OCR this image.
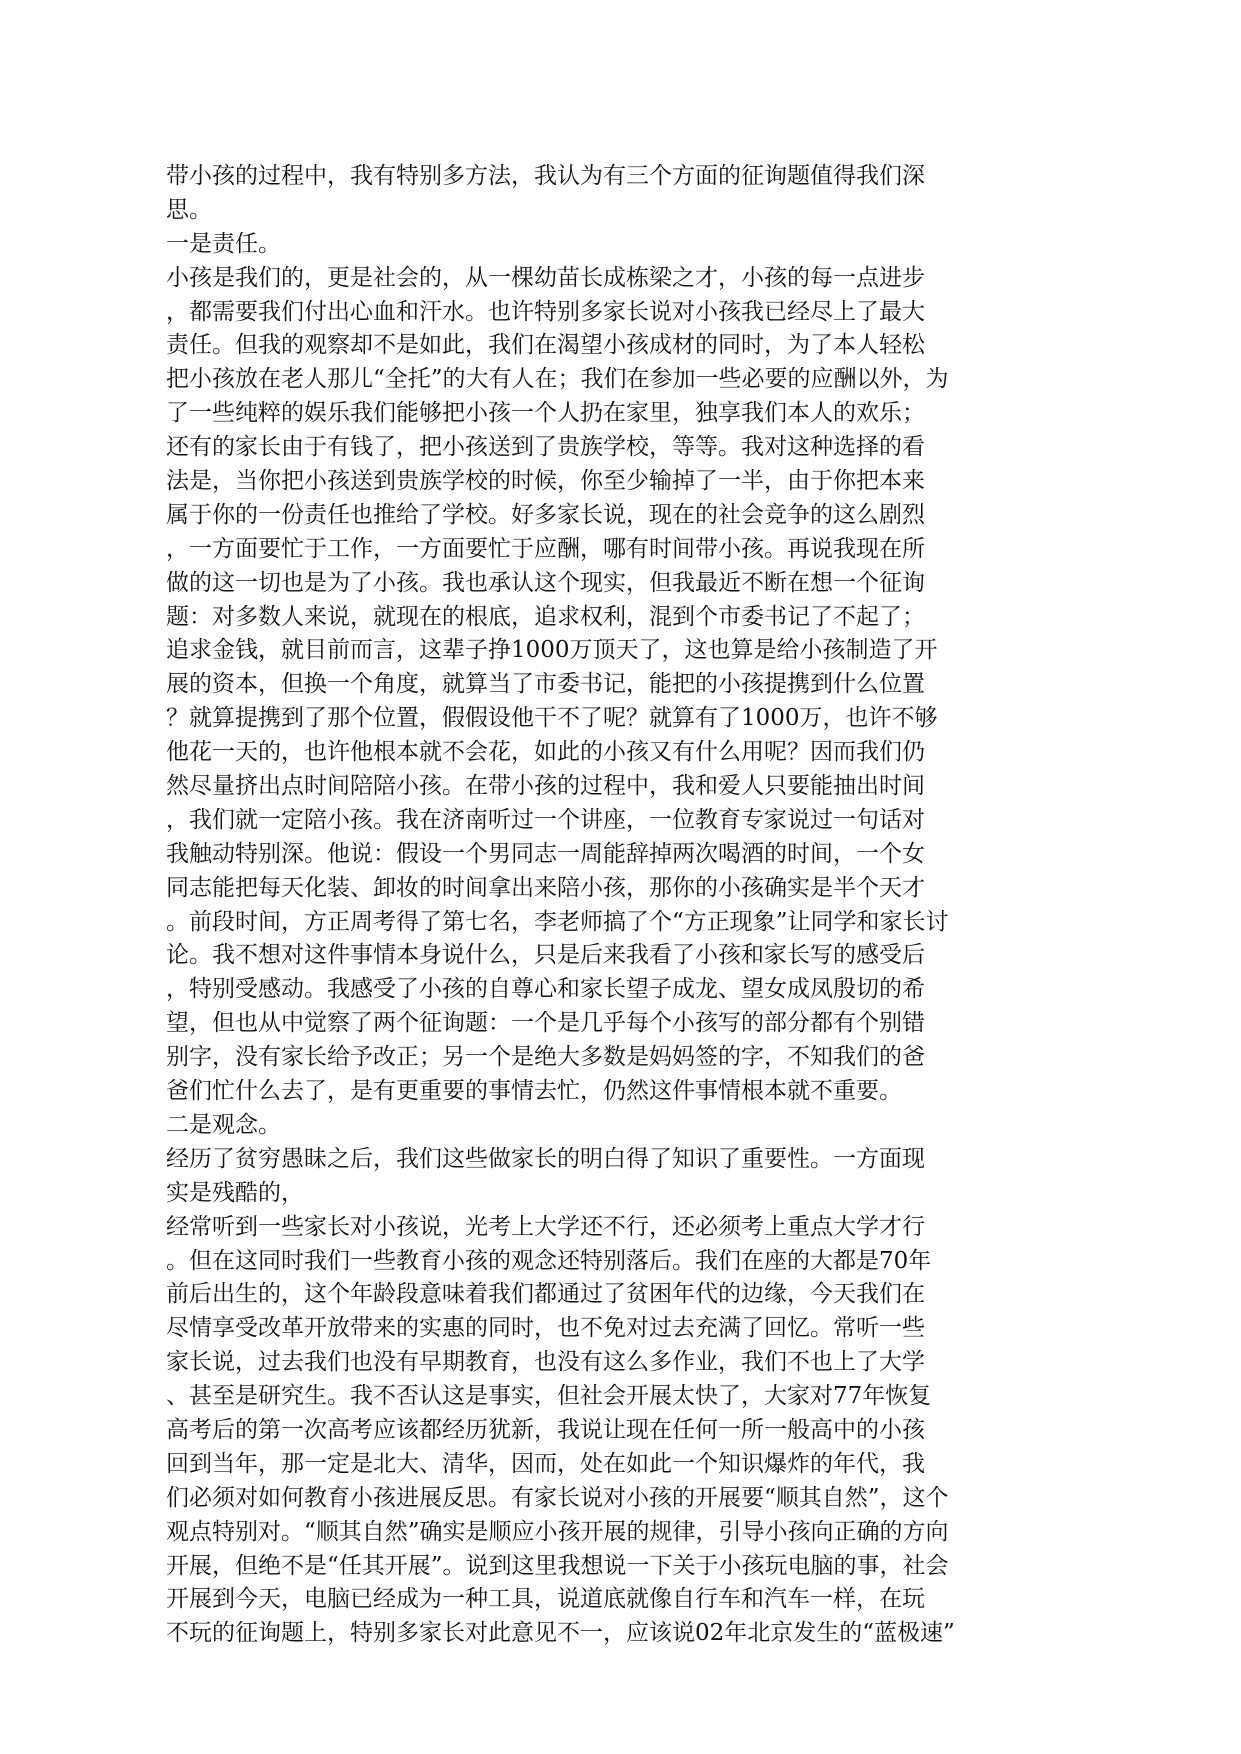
带小孩的过程中，我有特别多方法，我认为有三个方面的征询题值得我们深
思。
一是责任。
小孩是我们的，更是社会的，从一棵幼苗长成栋梁之才，小孩的每一点进步
，都需要我们付出心血和汗水。也许特别多家长说对小孩我已经尽上了最大
责任。但我的观察却不是如此，我们在渴望小孩成材的同时，为了本人轻松
把小孩放在老人那儿“全托”的大有人在；我们在参加一些必要的应酬以外，为
了一些纯粹的娱乐我们能够把小孩一个人扔在家里，独享我们本人的欢乐；
还有的家长由于有钱了，把小孩送到了贵族学校，等等。我对这种选择的看
法是，当你把小孩送到贵族学校的时候，你至少输掉了一半，由于你把本来
属于你的一份责任也推给了学校。好多家长说，现在的社会竞争的这么剧烈
，一方面要忙于工作，一方面要忙于应酬，哪有时间带小孩。再说我现在所
做的这一切也是为了小孩。我也承认这个现实，但我最近不断在想一个征询
题：对多数人来说，就现在的根底，追求权利，混到个市委书记了不起了；
追求金钱，就目前而言，这辈子挣1000万顶天了，这也算是给小孩制造了开
展的资本，但换一个角度，就算当了市委书记，能把的小孩提携到什么位置
？就算提携到了那个位置，假假设他干不了呢？就算有了1000万，也许不够
他花一天的，也许他根本就不会花，如此的小孩又有什么用呢？因而我们仍
然尽量挤出点时间陪陪小孩。在带小孩的过程中，我和爱人只要能抽出时间
，我们就一定陪小孩。我在济南听过一个讲座，一位教育专家说过一句话对
我触动特别深。他说：假设一个男同志一周能辞掉两次喝酒的时间，一个女
同志能把每天化装、卸妆的时间拿出来陪小孩，那你的小孩确实是半个天才
。前段时间，方正周考得了第七名，李老师搞了个“方正现象”让同学和家长讨
论。我不想对这件事情本身说什么，只是后来我看了小孩和家长写的感受后
，特别受感动。我感受了小孩的自尊心和家长望子成龙、望女成凤殷切的希
望，但也从中觉察了两个征询题：一个是几乎每个小孩写的部分都有个别错
别字，没有家长给予改正；另一个是绝大多数是妈妈签的字，不知我们的爸
爸们忙什么去了，是有更重要的事情去忙，仍然这件事情根本就不重要。
二是观念。
经历了贫穷愚昧之后，我们这些做家长的明白得了知识了重要性。一方面现
实是残酷的，
经常听到一些家长对小孩说，光考上大学还不行，还必须考上重点大学才行
。但在这同时我们一些教育小孩的观念还特别落后。我们在座的大都是70年
前后出生的，这个年龄段意味着我们都通过了贫困年代的边缘，今天我们在
尽情享受改革开放带来的实惠的同时，也不免对过去充满了回忆。常听一些
家长说，过去我们也没有早期教育，也没有这么多作业，我们不也上了大学
、甚至是研究生。我不否认这是事实，但社会开展太快了，大家对77年恢复
高考后的第一次高考应该都经历犹新，我说让现在任何一所一般高中的小孩
回到当年，那一定是北大、清华，因而，处在如此一个知识爆炸的年代，我
们必须对如何教育小孩进展反思。有家长说对小孩的开展要“顺其自然”，这个
观点特别对。“顺其自然”确实是顺应小孩开展的规律，引导小孩向正确的方向
开展，但绝不是“任其开展”。说到这里我想说一下关于小孩玩电脑的事，社会
开展到今天，电脑已经成为一种工具，说道底就像自行车和汽车一样，在玩
不玩的征询题上，特别多家长对此意见不一，应该说02年北京发生的“蓝极速”
